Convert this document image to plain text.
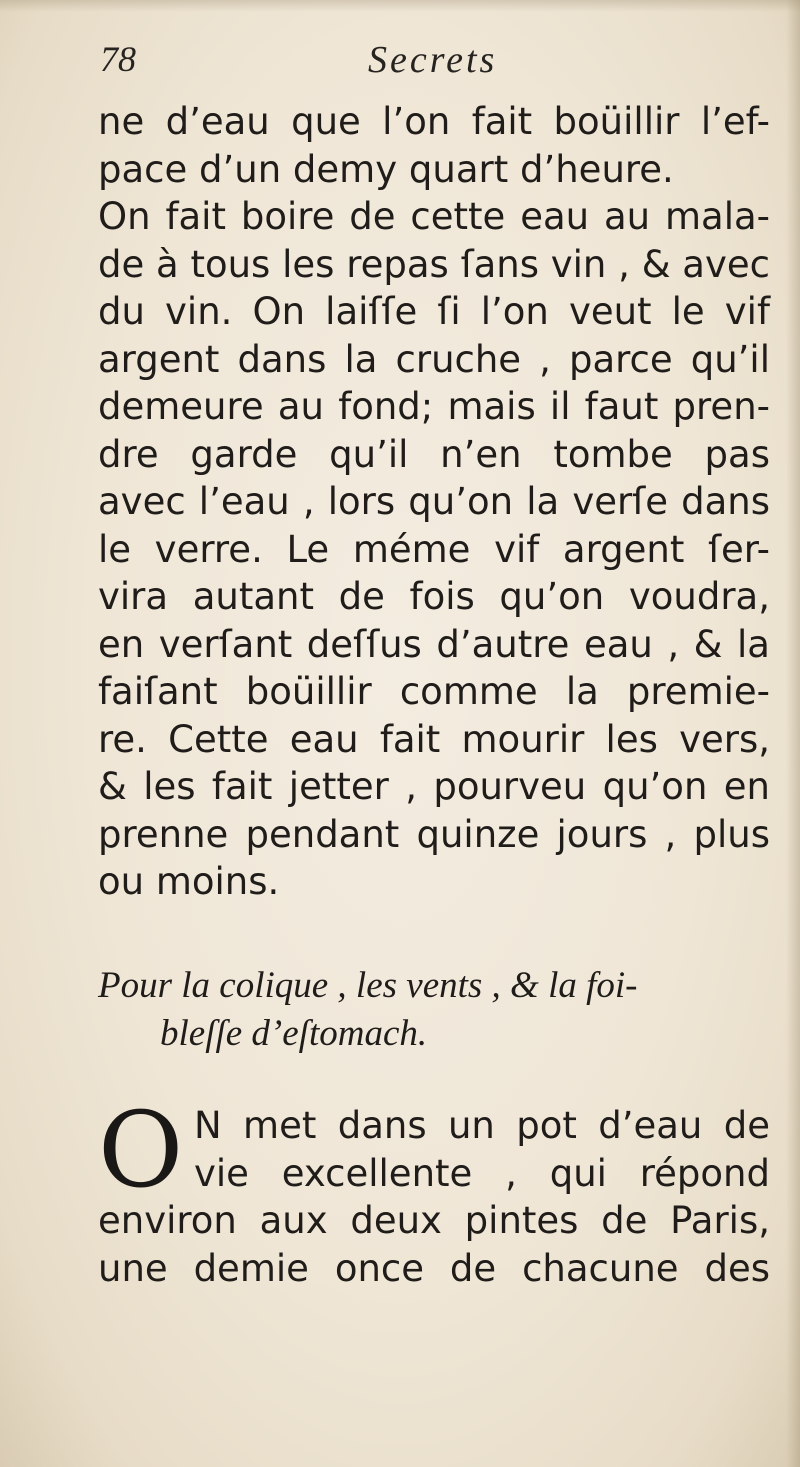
78	Secrets
ne d’eau que l’on fait boüillir l’ef-
pace d’un demy quart d’heure.
On fait boire de cette eau au mala-
de à tous les repas ſans vin , & avec
du vin. On laiſſe ſi l’on veut le vif
argent dans la cruche , parce qu’il
demeure au fond; mais il faut pren-
dre garde qu’il n’en tombe pas
avec l’eau , lors qu’on la verſe dans
le verre. Le méme vif argent ſer-
vira autant de fois qu’on voudra,
en verſant deſſus d’autre eau , & la
faiſant boüillir comme la premie-
re. Cette eau fait mourir les vers,
& les fait jetter , pourveu qu’on en
prenne pendant quinze jours , plus
ou moins.
Pour la colique , les vents , & la foi-
bleſſe d’eſtomach.
O N met dans un pot d’eau de
vie excellente , qui répond
environ aux deux pintes de Paris,
une demie once de chacune des
